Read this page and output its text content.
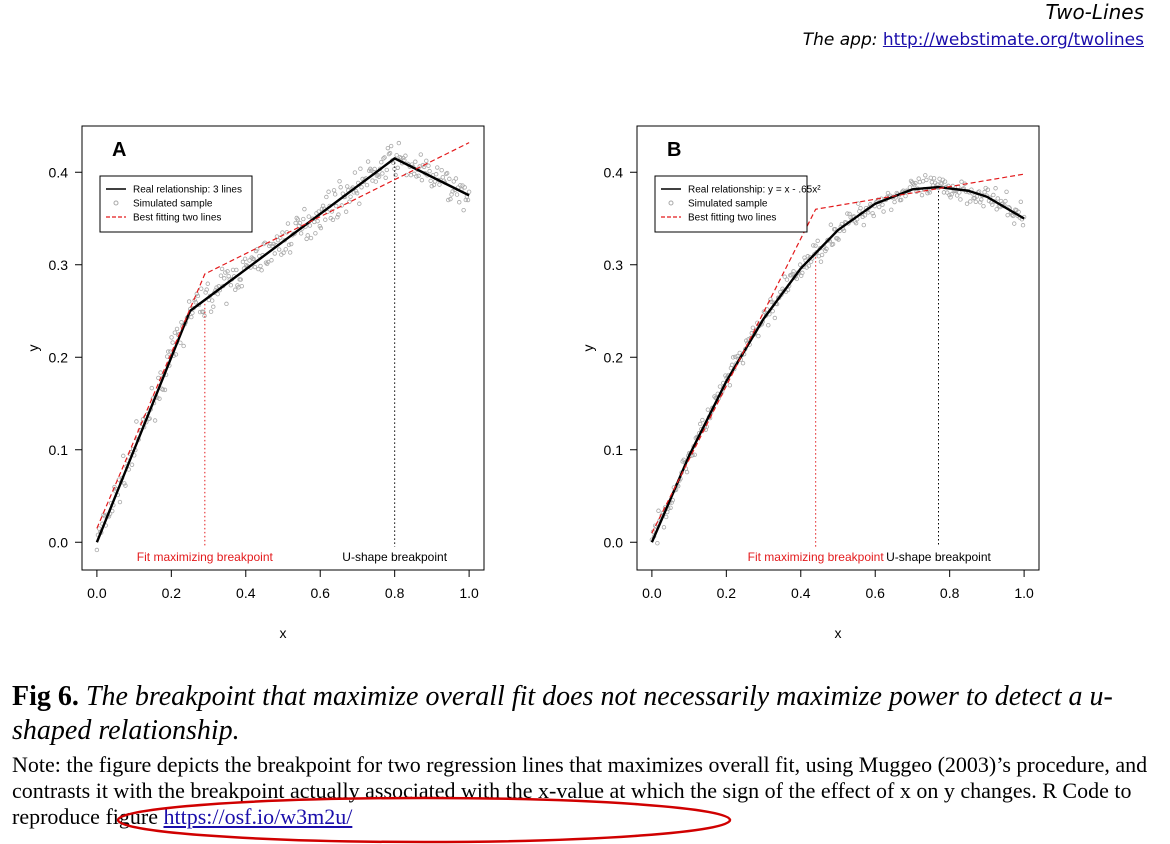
Two-Lines
The app: http://webstimate.org/twolines
0.0	0.2	0.4	0.6	0.8	1.0
0.0
0.1
0.2
0.3
0.4
x
y
A
Fit maximizing breakpoint	U-shape breakpoint
Real relationship: 3 lines
Simulated sample
Best fitting two lines
0.0	0.2	0.4	0.6	0.8	1.0
0.0
0.1
0.2
0.3
0.4
x
y
B
Fit maximizing breakpoint U-shape breakpoint
Real relationship: y = x - .65x²
Simulated sample
Best fitting two lines
Fig 6. The breakpoint that maximize overall fit does not necessarily maximize power to detect a u-shaped relationship.
Note: the figure depicts the breakpoint for two regression lines that maximizes overall fit, using Muggeo (2003)’s procedure, and contrasts it with the breakpoint actually associated with the x-value at which the sign of the effect of x on y changes. R Code to reproduce figure https://osf.io/w3m2u/
